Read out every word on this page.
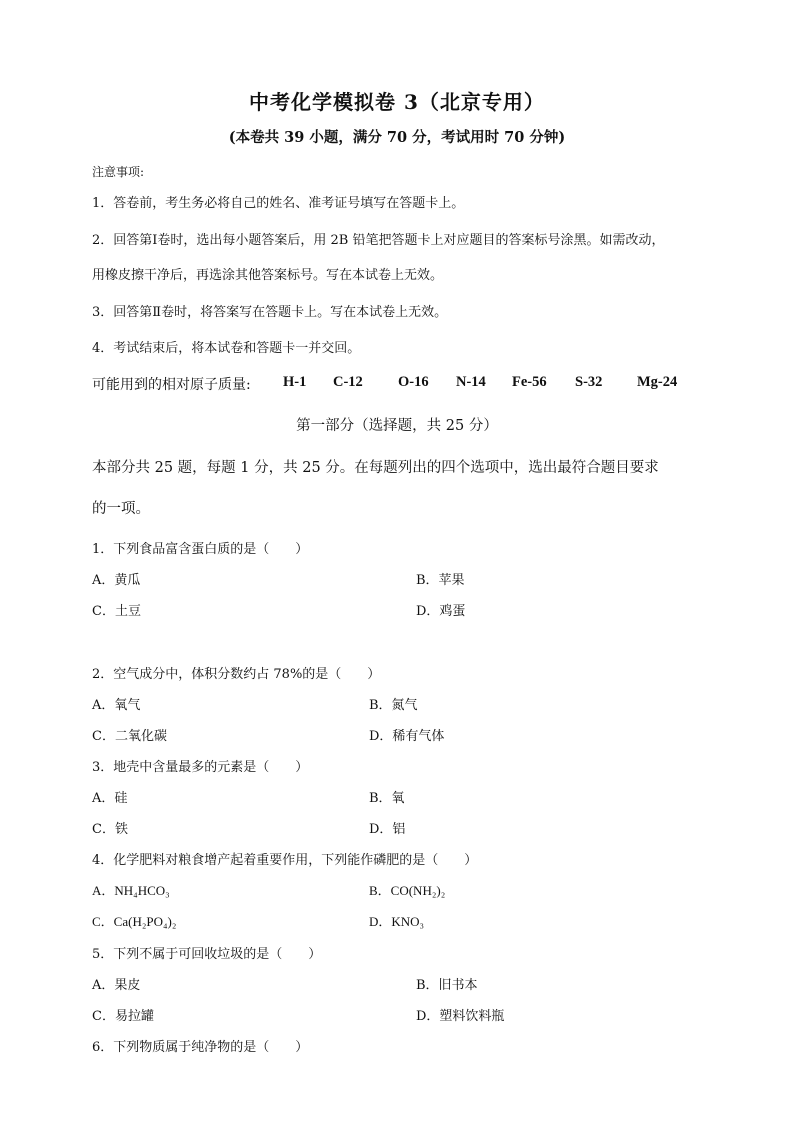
中考化学模拟卷 3（北京专用）
(本卷共 39 小题，满分 70 分，考试用时 70 分钟)
注意事项:
1．答卷前，考生务必将自己的姓名、准考证号填写在答题卡上。
2．回答第Ⅰ卷时，选出每小题答案后，用 2B 铅笔把答题卡上对应题目的答案标号涂黑。如需改动，
用橡皮擦干净后，再选涂其他答案标号。写在本试卷上无效。
3．回答第Ⅱ卷时，将答案写在答题卡上。写在本试卷上无效。
4．考试结束后，将本试卷和答题卡一并交回。
可能用到的相对原子质量: H-1 C-12 O-16 N-14 Fe-56 S-32 Mg-24
第一部分（选择题，共 25 分）
本部分共 25 题，每题 1 分，共 25 分。在每题列出的四个选项中，选出最符合题目要求
的一项。
1．下列食品富含蛋白质的是（　　）
A．黄瓜	B．苹果
C．土豆	D．鸡蛋
2．空气成分中，体积分数约占 78%的是（　　）
A．氧气	B．氮气
C．二氧化碳	D．稀有气体
3．地壳中含量最多的元素是（　　）
A．硅	B．氧
C．铁	D．铝
4．化学肥料对粮食增产起着重要作用，下列能作磷肥的是（　　）
A．NH₄HCO₃	B．CO(NH₂)₂
C．Ca(H₂PO₄)₂	D．KNO₃
5．下列不属于可回收垃圾的是（　　）
A．果皮	B．旧书本
C．易拉罐	D．塑料饮料瓶
6．下列物质属于纯净物的是（　　）
